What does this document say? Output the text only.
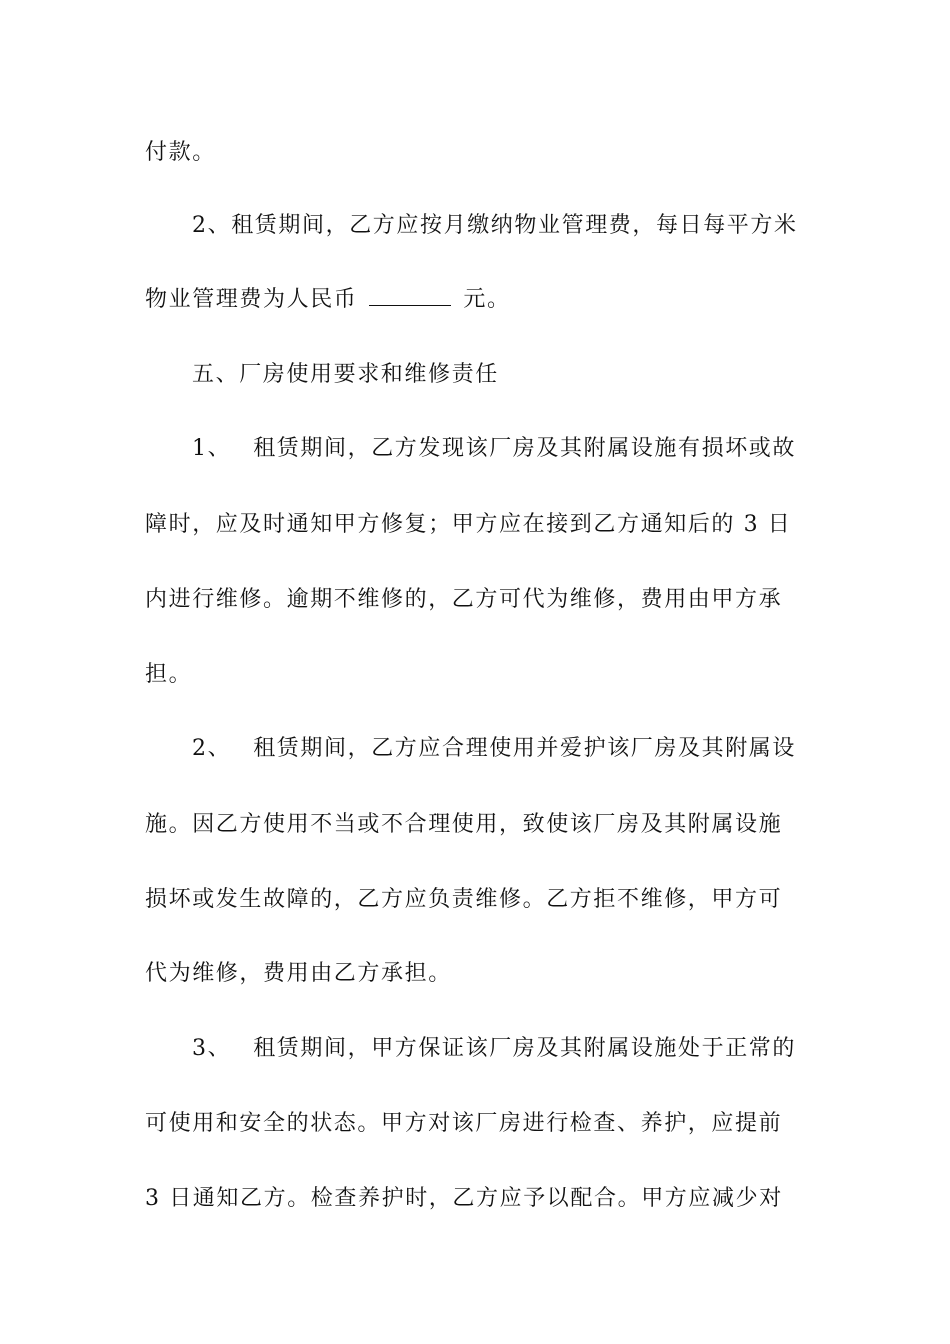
付款。
2、租赁期间，乙方应按月缴纳物业管理费，每日每平方米
物业管理费为人民币	元。
五、厂房使用要求和维修责任
1、 租赁期间，乙方发现该厂房及其附属设施有损坏或故
障时，应及时通知甲方修复；甲方应在接到乙方通知后的 3 日
内进行维修。逾期不维修的，乙方可代为维修，费用由甲方承
担。
2、 租赁期间，乙方应合理使用并爱护该厂房及其附属设
施。因乙方使用不当或不合理使用，致使该厂房及其附属设施
损坏或发生故障的，乙方应负责维修。乙方拒不维修，甲方可
代为维修，费用由乙方承担。
3、 租赁期间，甲方保证该厂房及其附属设施处于正常的
可使用和安全的状态。甲方对该厂房进行检查、养护，应提前
3 日通知乙方。检查养护时，乙方应予以配合。甲方应减少对
